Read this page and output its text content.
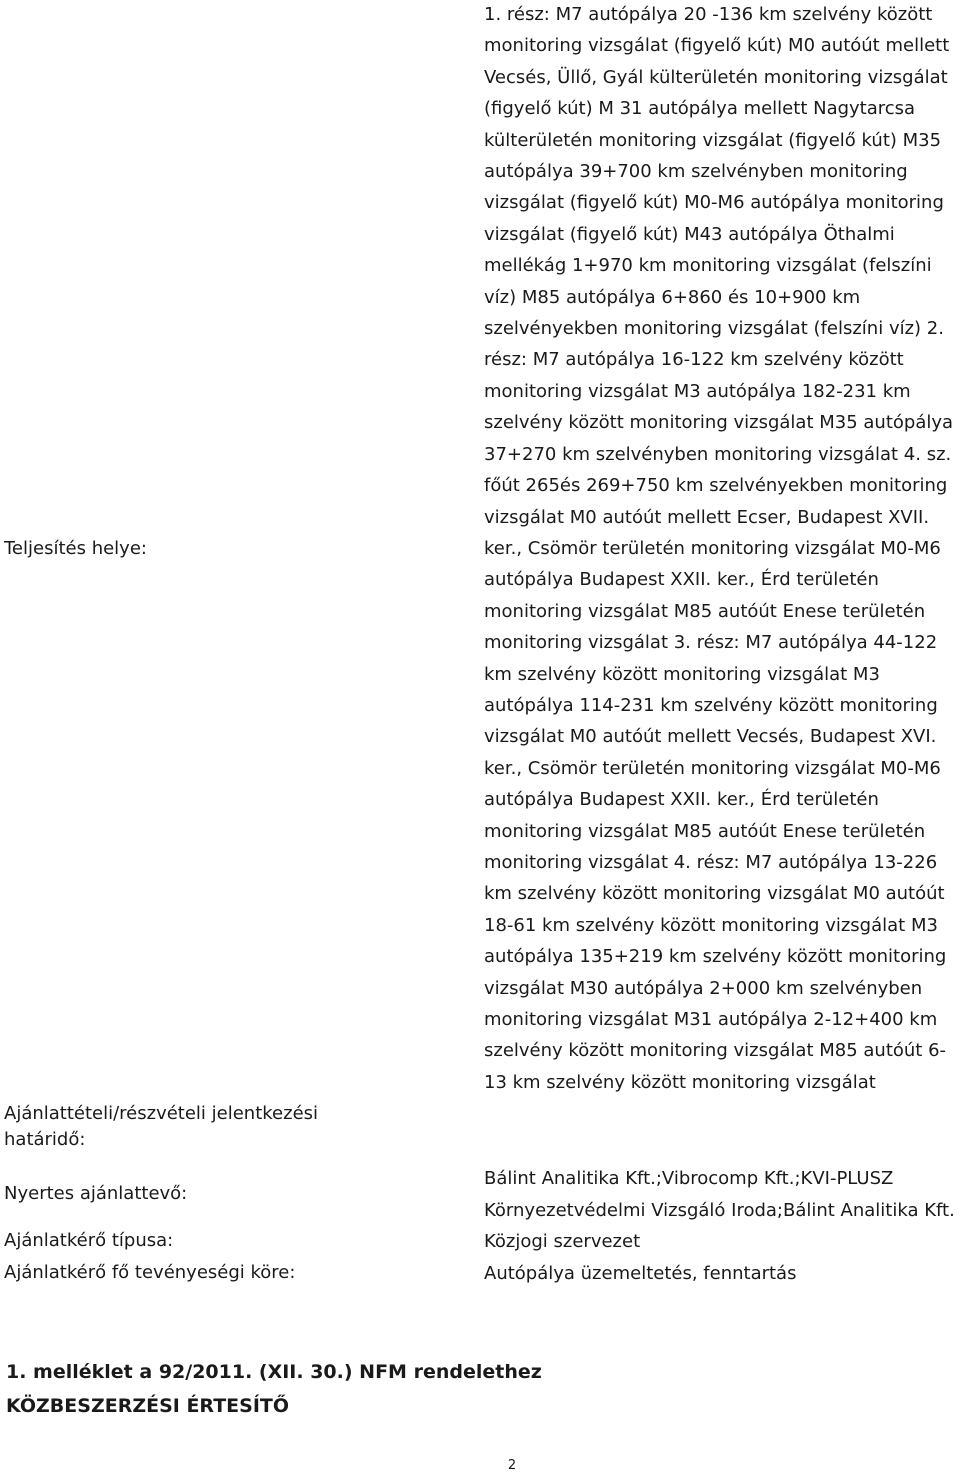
Teljesítés helye:
1. rész: M7 autópálya 20 -136 km szelvény között monitoring vizsgálat (figyelő kút) M0 autóút mellett Vecsés, Üllő, Gyál külterületén monitoring vizsgálat (figyelő kút) M 31 autópálya mellett Nagytarcsa külterületén monitoring vizsgálat (figyelő kút) M35 autópálya 39+700 km szelvényben monitoring vizsgálat (figyelő kút) M0-M6 autópálya monitoring vizsgálat (figyelő kút) M43 autópálya Öthalmi mellékág 1+970 km monitoring vizsgálat (felszíni víz) M85 autópálya 6+860 és 10+900 km szelvényekben monitoring vizsgálat (felszíni víz) 2. rész: M7 autópálya 16-122 km szelvény között monitoring vizsgálat M3 autópálya 182-231 km szelvény között monitoring vizsgálat M35 autópálya 37+270 km szelvényben monitoring vizsgálat 4. sz. főút 265és 269+750 km szelvényekben monitoring vizsgálat M0 autóút mellett Ecser, Budapest XVII. ker., Csömör területén monitoring vizsgálat M0-M6 autópálya Budapest XXII. ker., Érd területén monitoring vizsgálat M85 autóút Enese területén monitoring vizsgálat 3. rész: M7 autópálya 44-122 km szelvény között monitoring vizsgálat M3 autópálya 114-231 km szelvény között monitoring vizsgálat M0 autóút mellett Vecsés, Budapest XVI. ker., Csömör területén monitoring vizsgálat M0-M6 autópálya Budapest XXII. ker., Érd területén monitoring vizsgálat M85 autóút Enese területén monitoring vizsgálat 4. rész: M7 autópálya 13-226 km szelvény között monitoring vizsgálat M0 autóút 18-61 km szelvény között monitoring vizsgálat M3 autópálya 135+219 km szelvény között monitoring vizsgálat M30 autópálya 2+000 km szelvényben monitoring vizsgálat M31 autópálya 2-12+400 km szelvény között monitoring vizsgálat M85 autóút 6-13 km szelvény között monitoring vizsgálat
Ajánlattételi/részvételi jelentkezési határidő:
Nyertes ajánlattevő:
Bálint Analitika Kft.;Vibrocomp Kft.;KVI-PLUSZ Környezetvédelmi Vizsgáló Iroda;Bálint Analitika Kft.
Ajánlatkérő típusa:	Közjogi szervezet
Ajánlatkérő fő tevényeségi köre:	Autópálya üzemeltetés, fenntartás
1. melléklet a 92/2011. (XII. 30.) NFM rendelethez
KÖZBESZERZÉSI ÉRTESÍTŐ
2
